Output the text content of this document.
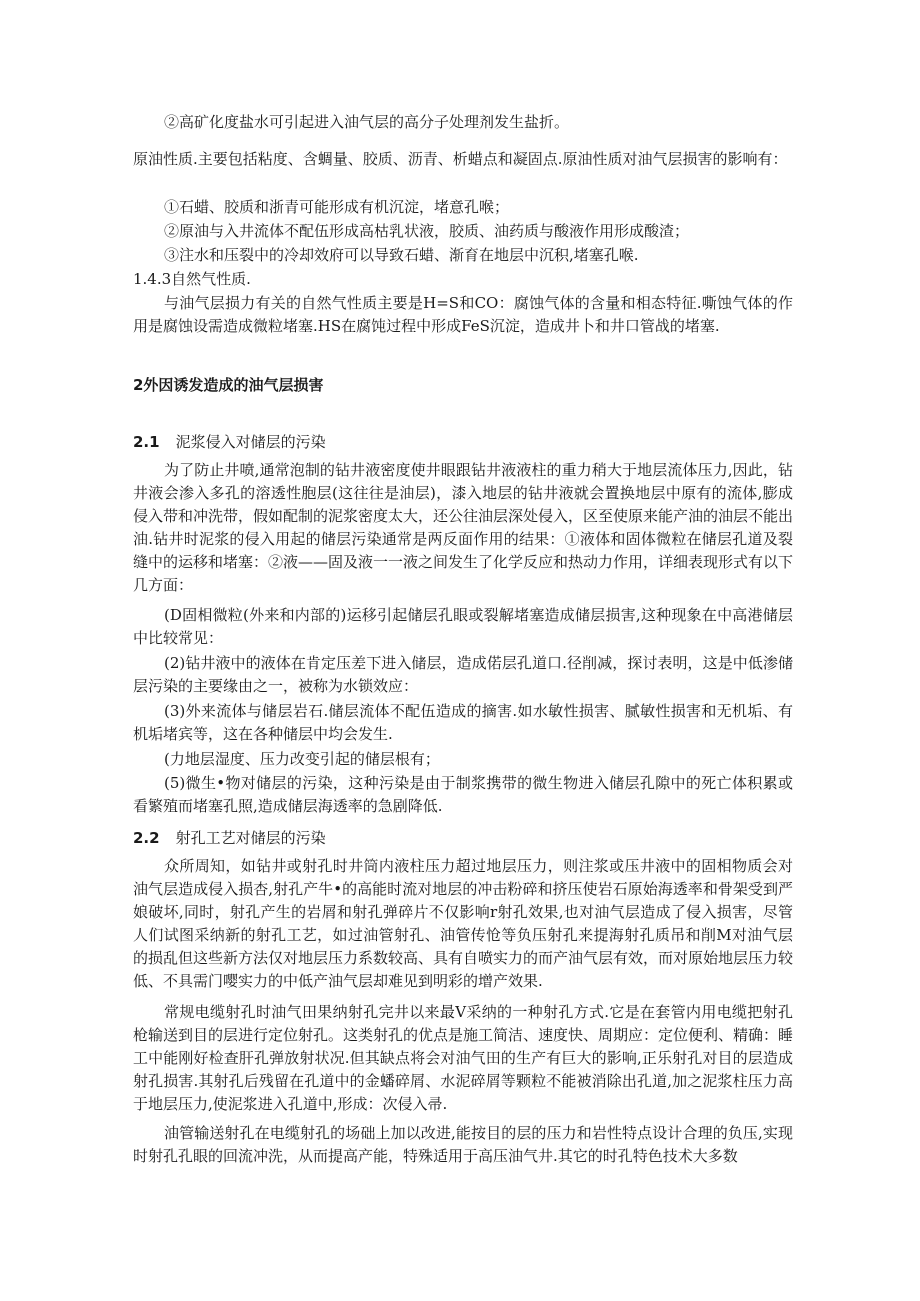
②高矿化度盐水可引起进入油气层的高分子处理剂发生盐折。

原油性质.主要包括粘度、含蜩量、胶质、沥青、析蜡点和凝固点.原油性质对油气层损害的影响有：

①石蜡、胶质和浙青可能形成有机沉淀，堵意孔喉；

②原油与入井流体不配伍形成高枯乳状液，胶质、油药质与酸液作用形成酸渣；

③注水和压裂中的冷却效府可以导致石蜡、渐育在地层中沉积,堵塞孔喉.

1.4.3自然气性质.

与油气层损力有关的自然气性质主要是H=S和CO：腐蚀气体的含量和相态特征.嘶蚀气体的作用是腐蚀设需造成微粒堵塞.HS在腐饨过程中形成FeS沉淀，造成井卜和井口管战的堵塞.

2外因诱发造成的油气层损害

2.1 泥浆侵入对储层的污染

为了防止井喷,通常泡制的钻井液密度使井眼跟钻井液液柱的重力稍大于地层流体压力,因此，钻井液会渗入多孔的溶透性胞层(这往往是油层)，漆入地层的钻井液就会置换地层中原有的流体,膨成侵入带和冲洗带，假如配制的泥浆密度太大，还公往油层深处侵入，区至使原来能产油的油层不能出油.钻井时泥浆的侵入用起的储层污染通常是两反面作用的结果：①液体和固体微粒在储层孔道及裂缝中的运移和堵塞：②液——固及液一一液之间发生了化学反应和热动力作用，详细表现形式有以下几方面：

(D固相微粒(外来和内部的)运移引起储层孔眼或裂解堵塞造成储层损害,这种现象在中高港储层中比较常见：

(2)钻井液中的液体在肯定压差下进入储层，造成偌层孔道口.径削减，探讨表明，这是中低渗储层污染的主要缘由之一，被称为水锁效应：

(3)外来流体与储层岩石.储层流体不配伍造成的摘害.如水敏性损害、腻敏性损害和无机垢、有机垢堵宾等，这在各种储层中均会发生.

(力地层湿度、压力改变引起的储层根有；

(5)微生•物对储层的污染，这种污染是由于制浆携带的微生物进入储层孔隙中的死亡体积累或看繁殖而堵塞孔照,造成储层海透率的急剧降低.

2.2 射孔工艺对储层的污染

众所周知，如钻井或射孔时井筒内液柱压力超过地层压力，则注浆或压井液中的固相物质会对油气层造成侵入损杏,射孔产牛•的高能时流对地层的冲击粉碎和挤压使岩石原始海透率和骨架受到严娘破坏,同时，射孔产生的岩屑和射孔弹碎片不仅影响r射孔效果,也对油气层造成了侵入损害，尽管人们试图采纳新的射孔工艺，如过油管射孔、油管传怆等负压射孔来提海射孔质吊和削M对油气层的损乱但这些新方法仅对地层压力系数较高、具有自喷实力的而产油气层有效，而对原始地层压力较低、不具需门嘤实力的中低产油气层却难见到明彩的增产效果.

常规电缆射孔时油气田果纳射孔完井以来最V采纳的一种射孔方式.它是在套管内用电缆把射孔枪输送到目的层进行定位射孔。这类射孔的优点是施工简洁、速度快、周期应：定位便利、精确：睡工中能刚好检查肝孔弹放射状况.但其缺点将会对油气田的生产有巨大的影响,正乐射孔对目的层造成射孔损害.其射孔后残留在孔道中的金蟠碎屑、水泥碎屑等颗粒不能被消除出孔道,加之泥浆柱压力高于地层压力,使泥浆进入孔道中,形成：次侵入帚.

油管输送射孔在电缆射孔的场础上加以改进,能按目的层的压力和岩性特点设计合理的负压,实现时射孔孔眼的回流冲洗，从而提高产能，特殊适用于高压油气井.其它的时孔特色技术大多数
